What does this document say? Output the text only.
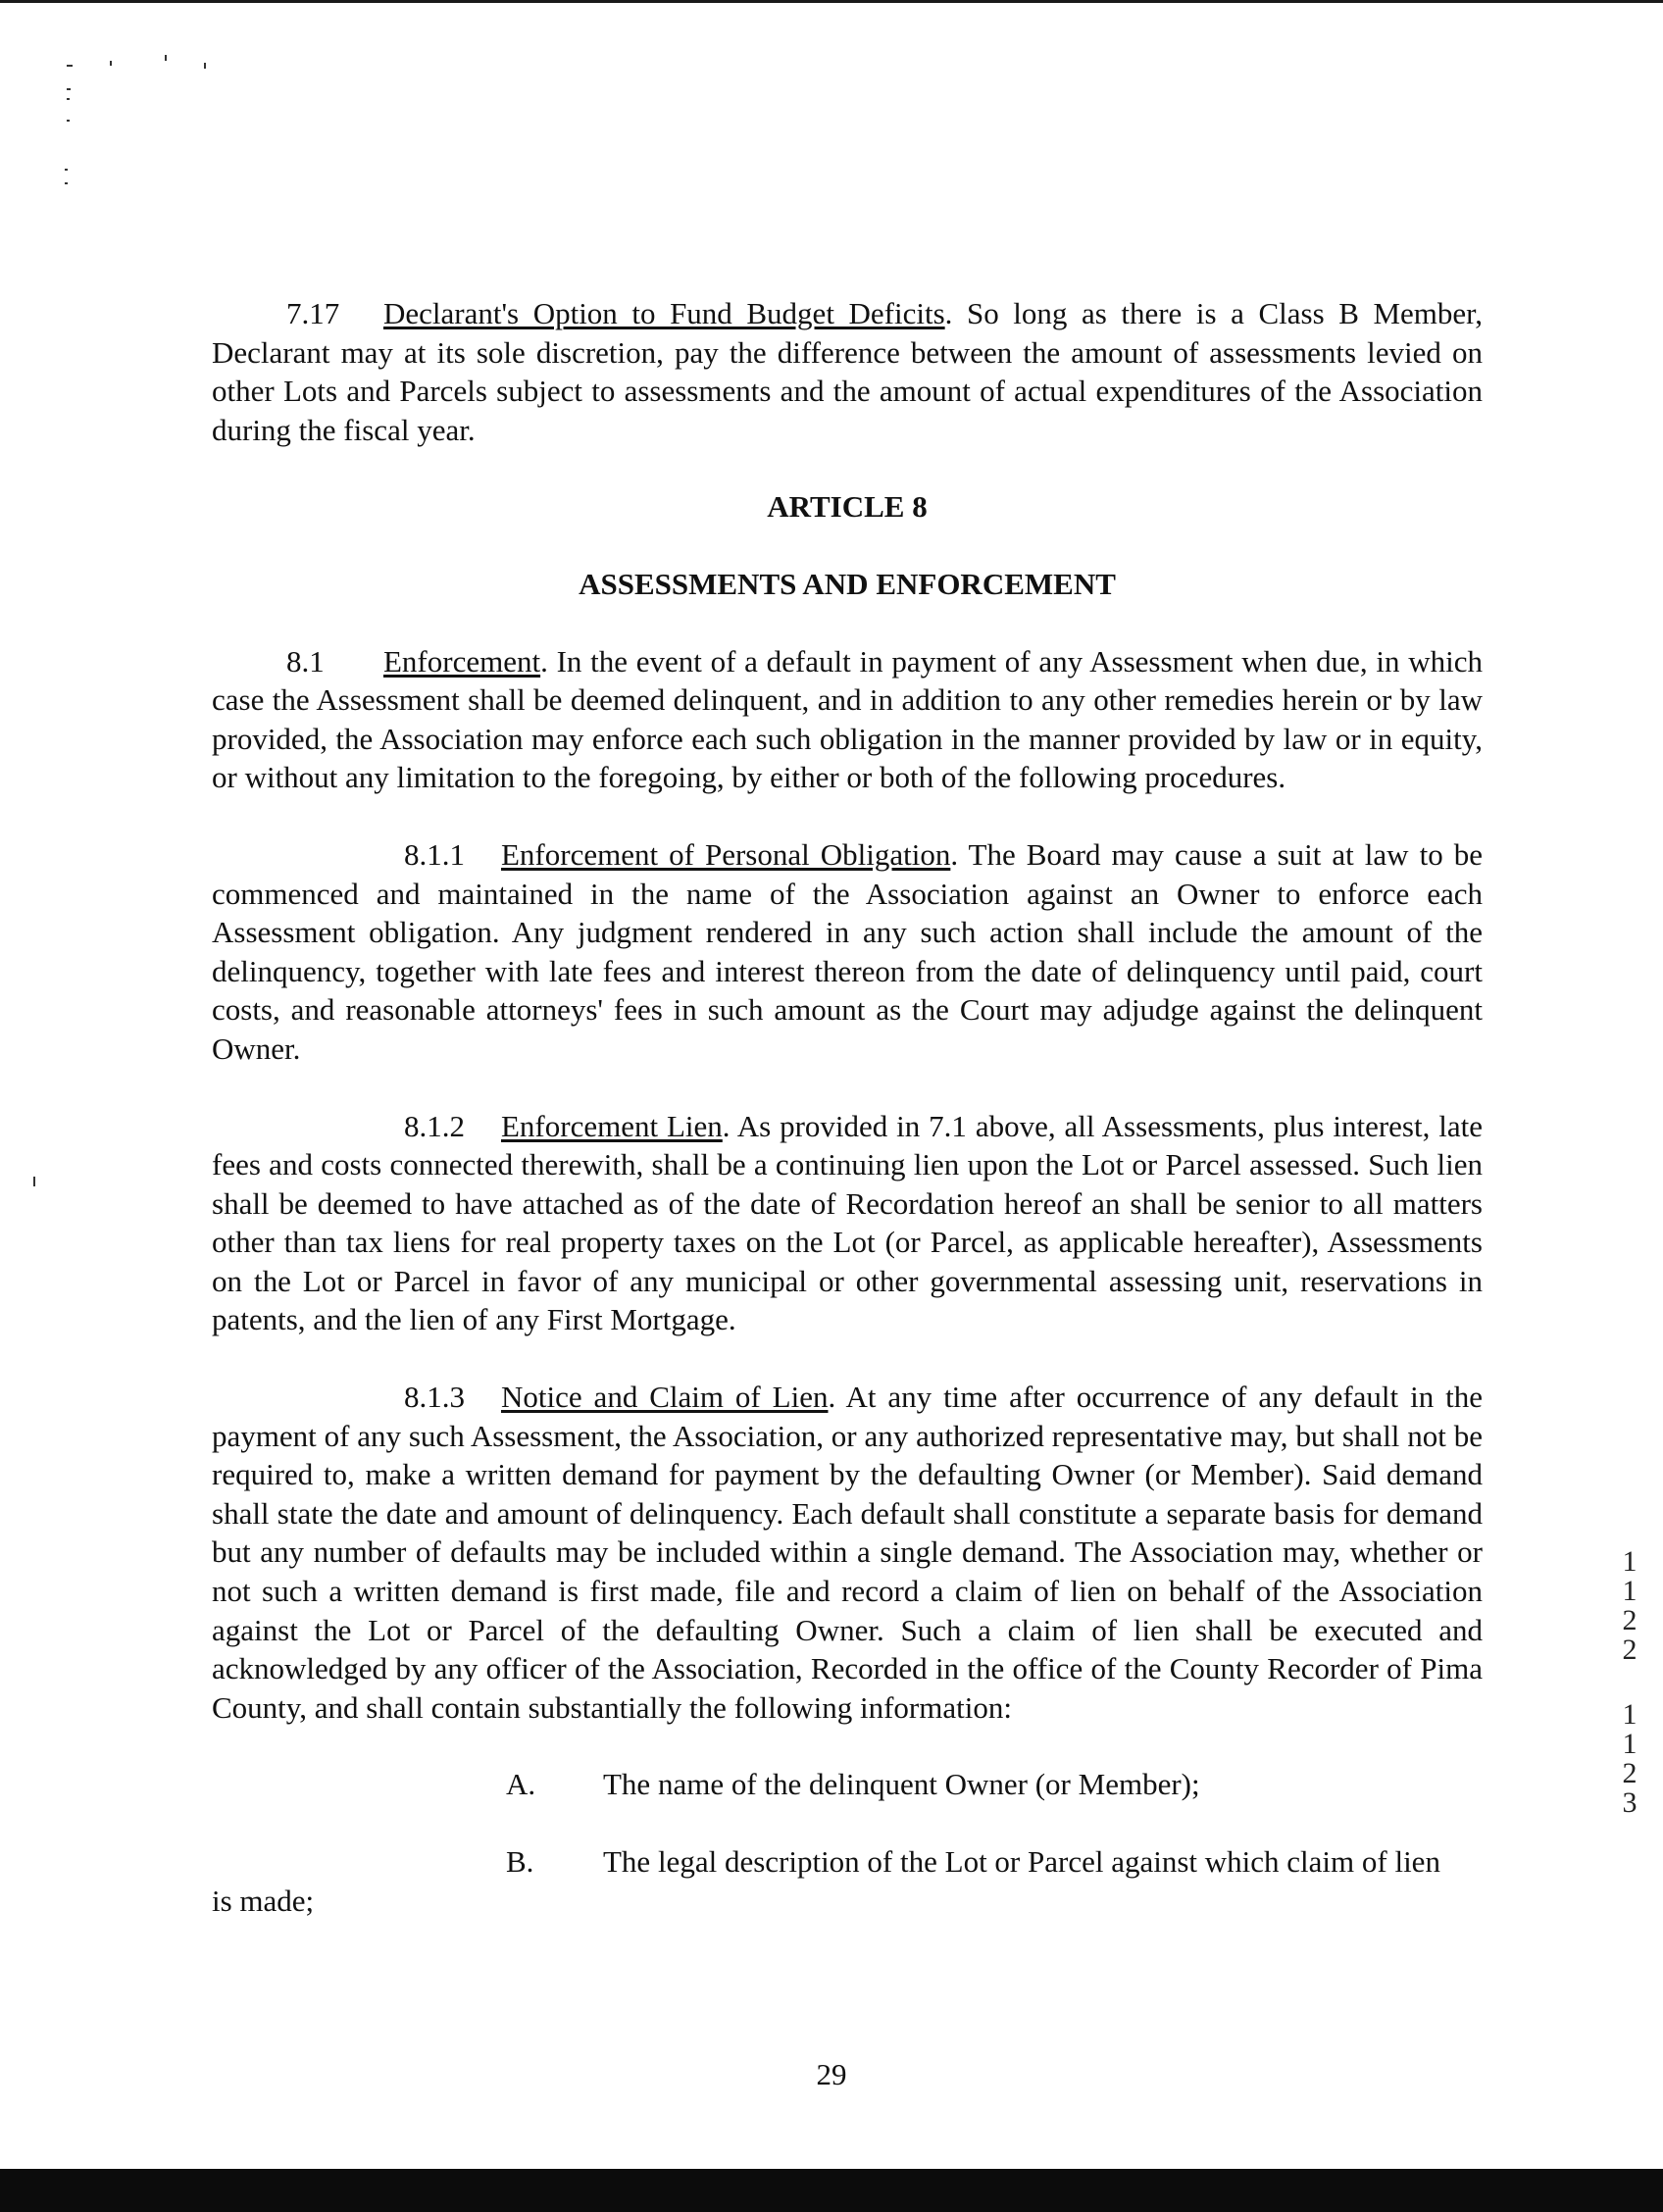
7.17 Declarant's Option to Fund Budget Deficits. So long as there is a Class B Member, Declarant may at its sole discretion, pay the difference between the amount of assessments levied on other Lots and Parcels subject to assessments and the amount of actual expenditures of the Association during the fiscal year.

ARTICLE 8

ASSESSMENTS AND ENFORCEMENT

8.1 Enforcement. In the event of a default in payment of any Assessment when due, in which case the Assessment shall be deemed delinquent, and in addition to any other remedies herein or by law provided, the Association may enforce each such obligation in the manner provided by law or in equity, or without any limitation to the foregoing, by either or both of the following procedures.

8.1.1 Enforcement of Personal Obligation. The Board may cause a suit at law to be commenced and maintained in the name of the Association against an Owner to enforce each Assessment obligation. Any judgment rendered in any such action shall include the amount of the delinquency, together with late fees and interest thereon from the date of delinquency until paid, court costs, and reasonable attorneys' fees in such amount as the Court may adjudge against the delinquent Owner.

8.1.2 Enforcement Lien. As provided in 7.1 above, all Assessments, plus interest, late fees and costs connected therewith, shall be a continuing lien upon the Lot or Parcel assessed. Such lien shall be deemed to have attached as of the date of Recordation hereof an shall be senior to all matters other than tax liens for real property taxes on the Lot (or Parcel, as applicable hereafter), Assessments on the Lot or Parcel in favor of any municipal or other governmental assessing unit, reservations in patents, and the lien of any First Mortgage.

8.1.3 Notice and Claim of Lien. At any time after occurrence of any default in the payment of any such Assessment, the Association, or any authorized representative may, but shall not be required to, make a written demand for payment by the defaulting Owner (or Member). Said demand shall state the date and amount of delinquency. Each default shall constitute a separate basis for demand but any number of defaults may be included within a single demand. The Association may, whether or not such a written demand is first made, file and record a claim of lien on behalf of the Association against the Lot or Parcel of the defaulting Owner. Such a claim of lien shall be executed and acknowledged by any officer of the Association, Recorded in the office of the County Recorder of Pima County, and shall contain substantially the following information:

A. The name of the delinquent Owner (or Member);

B. The legal description of the Lot or Parcel against which claim of lien

is made;

1122
1123
29
